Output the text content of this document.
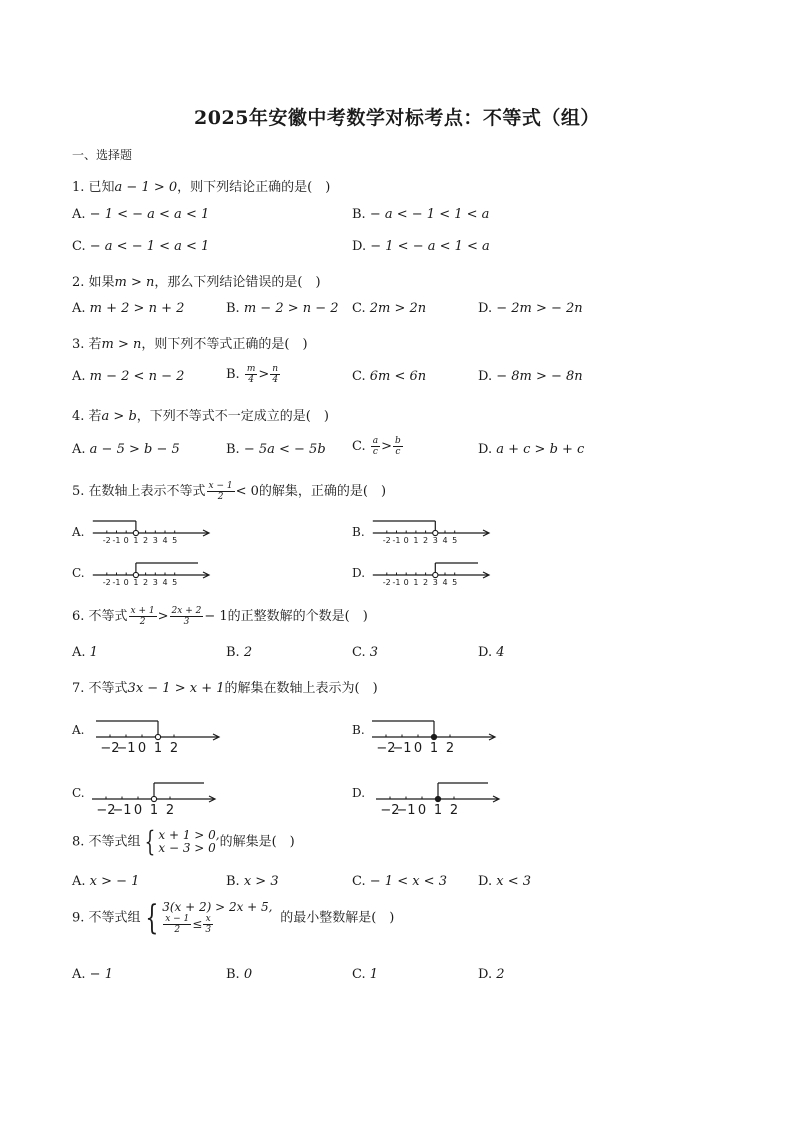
2025年安徽中考数学对标考点：不等式（组）
一、选择题
1. 已知a − 1 > 0，则下列结论正确的是(　)
A. − 1 < − a < a < 1	B. − a < − 1 < 1 < a
C. − a < − 1 < a < 1	D. − 1 < − a < 1 < a
2. 如果m > n，那么下列结论错误的是(　)
A. m + 2 > n + 2	B. m − 2 > n − 2 C. 2m > 2n	D. − 2m > − 2n
3. 若m > n，则下列不等式正确的是(　)
A. m − 2 < n − 2	B. $\frac{m}{4} > \frac{n}{4}$	C. 6m < 6n	D. − 8m > − 8n
4. 若a > b，下列不等式不一定成立的是(　)
A. a − 5 > b − 5	B. − 5a < − 5b C. $\frac{a}{c} > \frac{b}{c}$	D. a + c > b + c
5. 在数轴上表示不等式 $\frac{x - 1}{2} < 0$的解集，正确的是(　)
A.	B.
C.	D.
-2 -1 0 1 2 3 4 5	-2 -1 0 1 2 3 4 5
-2 -1 0 1 2 3 4 5	-2 -1 0 1 2 3 4 5
6. 不等式 $\frac{x + 1}{2} > \frac{2x + 2}{3} - 1$的正整数解的个数是(　)
A. 1	B. 2	C. 3	D. 4
7. 不等式3x − 1 > x + 1的解集在数轴上表示为(　)
A.	B.
C.	D.
−2
−1 0 1 2	−2
−1 0 1 2
−2
−1 0 1 2	−2
−1 0 1 2
8. 不等式组 { x + 1 > 0,
x − 3 > 0 的解集是(　)
A. x > − 1	B. x > 3	C. − 1 < x < 3 D. x < 3
9. 不等式组 { 3(x + 2) > 2x + 5,
$\frac{x - 1}{2} \le \frac{x}{3}$	的最小整数解是(　)
A. − 1	B. 0	C. 1	D. 2
